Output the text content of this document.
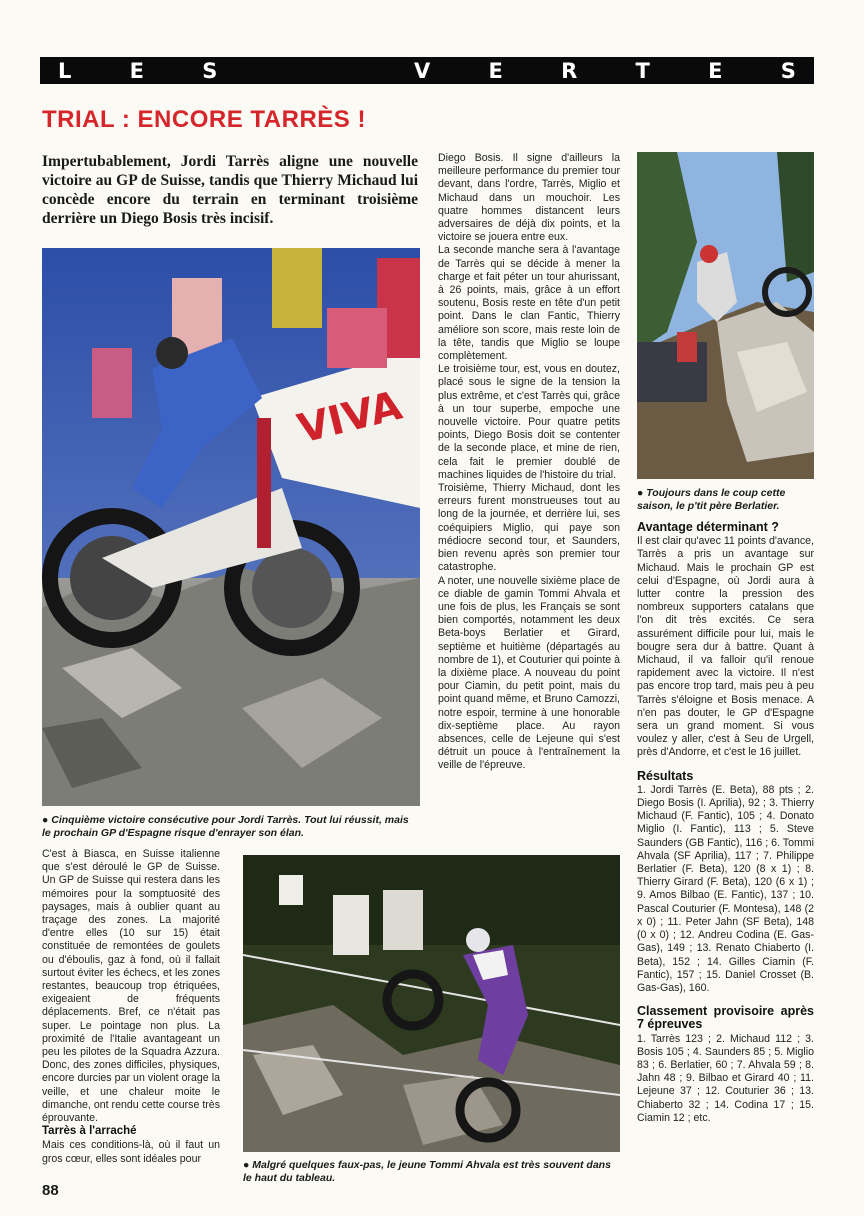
L	E	S	V	E	R	T	E	S
TRIAL : ENCORE TARRÈS !
Impertubablement, Jordi Tarrès aligne une nouvelle victoire au GP de Suisse, tandis que Thierry Michaud lui concède encore du terrain en terminant troisième derrière un Diego Bosis très incisif.
VIVA
● Cinquième victoire consécutive pour Jordi Tarrès. Tout lui réussit, mais le prochain GP d'Espagne risque d'enrayer son élan.
● Toujours dans le coup cette saison, le p'tit père Berlatier.
● Malgré quelques faux-pas, le jeune Tommi Ahvala est très souvent dans le haut du tableau.

C'est à Biasca, en Suisse italienne que s'est déroulé le GP de Suisse. Un GP de Suisse qui restera dans les mémoires pour la somptuosité des paysages, mais à oublier quant au traçage des zones. La majorité d'entre elles (10 sur 15) était constituée de remontées de goulets ou d'éboulis, gaz à fond, où il fallait surtout éviter les échecs, et les zones restantes, beaucoup trop étriquées, exigeaient de fréquents déplacements. Bref, ce n'était pas super. Le pointage non plus. La proximité de l'Italie avantageant un peu les pilotes de la Squadra Azzura. Donc, des zones difficiles, physiques, encore durcies par un violent orage la veille, et une chaleur moite le dimanche, ont rendu cette course très éprouvante.

Tarrès à l'arraché

Mais ces conditions-là, où il faut un gros cœur, elles sont idéales pour

Diego Bosis. Il signe d'ailleurs la meilleure performance du premier tour devant, dans l'ordre, Tarrès, Miglio et Michaud dans un mouchoir. Les quatre hommes distancent leurs adversaires de déjà dix points, et la victoire se jouera entre eux.

La seconde manche sera à l'avantage de Tarrès qui se décide à mener la charge et fait péter un tour ahurissant, à 26 points, mais, grâce à un effort soutenu, Bosis reste en tête d'un petit point. Dans le clan Fantic, Thierry améliore son score, mais reste loin de la tête, tandis que Miglio se loupe complètement.

Le troisième tour, est, vous en doutez, placé sous le signe de la tension la plus extrême, et c'est Tarrès qui, grâce à un tour superbe, empoche une nouvelle victoire. Pour quatre petits points, Diego Bosis doit se contenter de la seconde place, et mine de rien, cela fait le premier doublé de machines liquides de l'histoire du trial.

Troisième, Thierry Michaud, dont les erreurs furent monstrueuses tout au long de la journée, et derrière lui, ses coéquipiers Miglio, qui paye son médiocre second tour, et Saunders, bien revenu après son premier tour catastrophe.

A noter, une nouvelle sixième place de ce diable de gamin Tommi Ahvala et une fois de plus, les Français se sont bien comportés, notamment les deux Beta-boys Berlatier et Girard, septième et huitième (départagés au nombre de 1), et Couturier qui pointe à la dixième place. A nouveau du point pour Ciamin, du petit point, mais du point quand même, et Bruno Camozzi, notre espoir, termine à une honorable dix-septième place. Au rayon absences, celle de Lejeune qui s'est détruit un pouce à l'entraînement la veille de l'épreuve.

Avantage déterminant ?

Il est clair qu'avec 11 points d'avance, Tarrès a pris un avantage sur Michaud. Mais le prochain GP est celui d'Espagne, où Jordi aura à lutter contre la pression des nombreux supporters catalans que l'on dit très excités. Ce sera assurément difficile pour lui, mais le bougre sera dur à battre. Quant à Michaud, il va falloir qu'il renoue rapidement avec la victoire. Il n'est pas encore trop tard, mais peu à peu Tarrès s'éloigne et Bosis menace. A n'en pas douter, le GP d'Espagne sera un grand moment. Si vous voulez y aller, c'est à Seu de Urgell, près d'Andorre, et c'est le 16 juillet.

Résultats

1. Jordi Tarrès (E. Beta), 88 pts ; 2. Diego Bosis (I. Aprilia), 92 ; 3. Thierry Michaud (F. Fantic), 105 ; 4. Donato Miglio (I. Fantic), 113 ; 5. Steve Saunders (GB Fantic), 116 ; 6. Tommi Ahvala (SF Aprilia), 117 ; 7. Philippe Berlatier (F. Beta), 120 (8 x 1) ; 8. Thierry Girard (F. Beta), 120 (6 x 1) ; 9. Amos Bilbao (E. Fantic), 137 ; 10. Pascal Couturier (F. Montesa), 148 (2 x 0) ; 11. Peter Jahn (SF Beta), 148 (0 x 0) ; 12. Andreu Codina (E. Gas-Gas), 149 ; 13. Renato Chiaberto (I. Beta), 152 ; 14. Gilles Ciamin (F. Fantic), 157 ; 15. Daniel Crosset (B. Gas-Gas), 160.

Classement provisoire après 7 épreuves

1. Tarrès 123 ; 2. Michaud 112 ; 3. Bosis 105 ; 4. Saunders 85 ; 5. Miglio 83 ; 6. Berlatier, 60 ; 7. Ahvala 59 ; 8. Jahn 48 ; 9. Bilbao et Girard 40 ; 11. Lejeune 37 ; 12. Couturier 36 ; 13. Chiaberto 32 ; 14. Codina 17 ; 15. Ciamin 12 ; etc.

88
